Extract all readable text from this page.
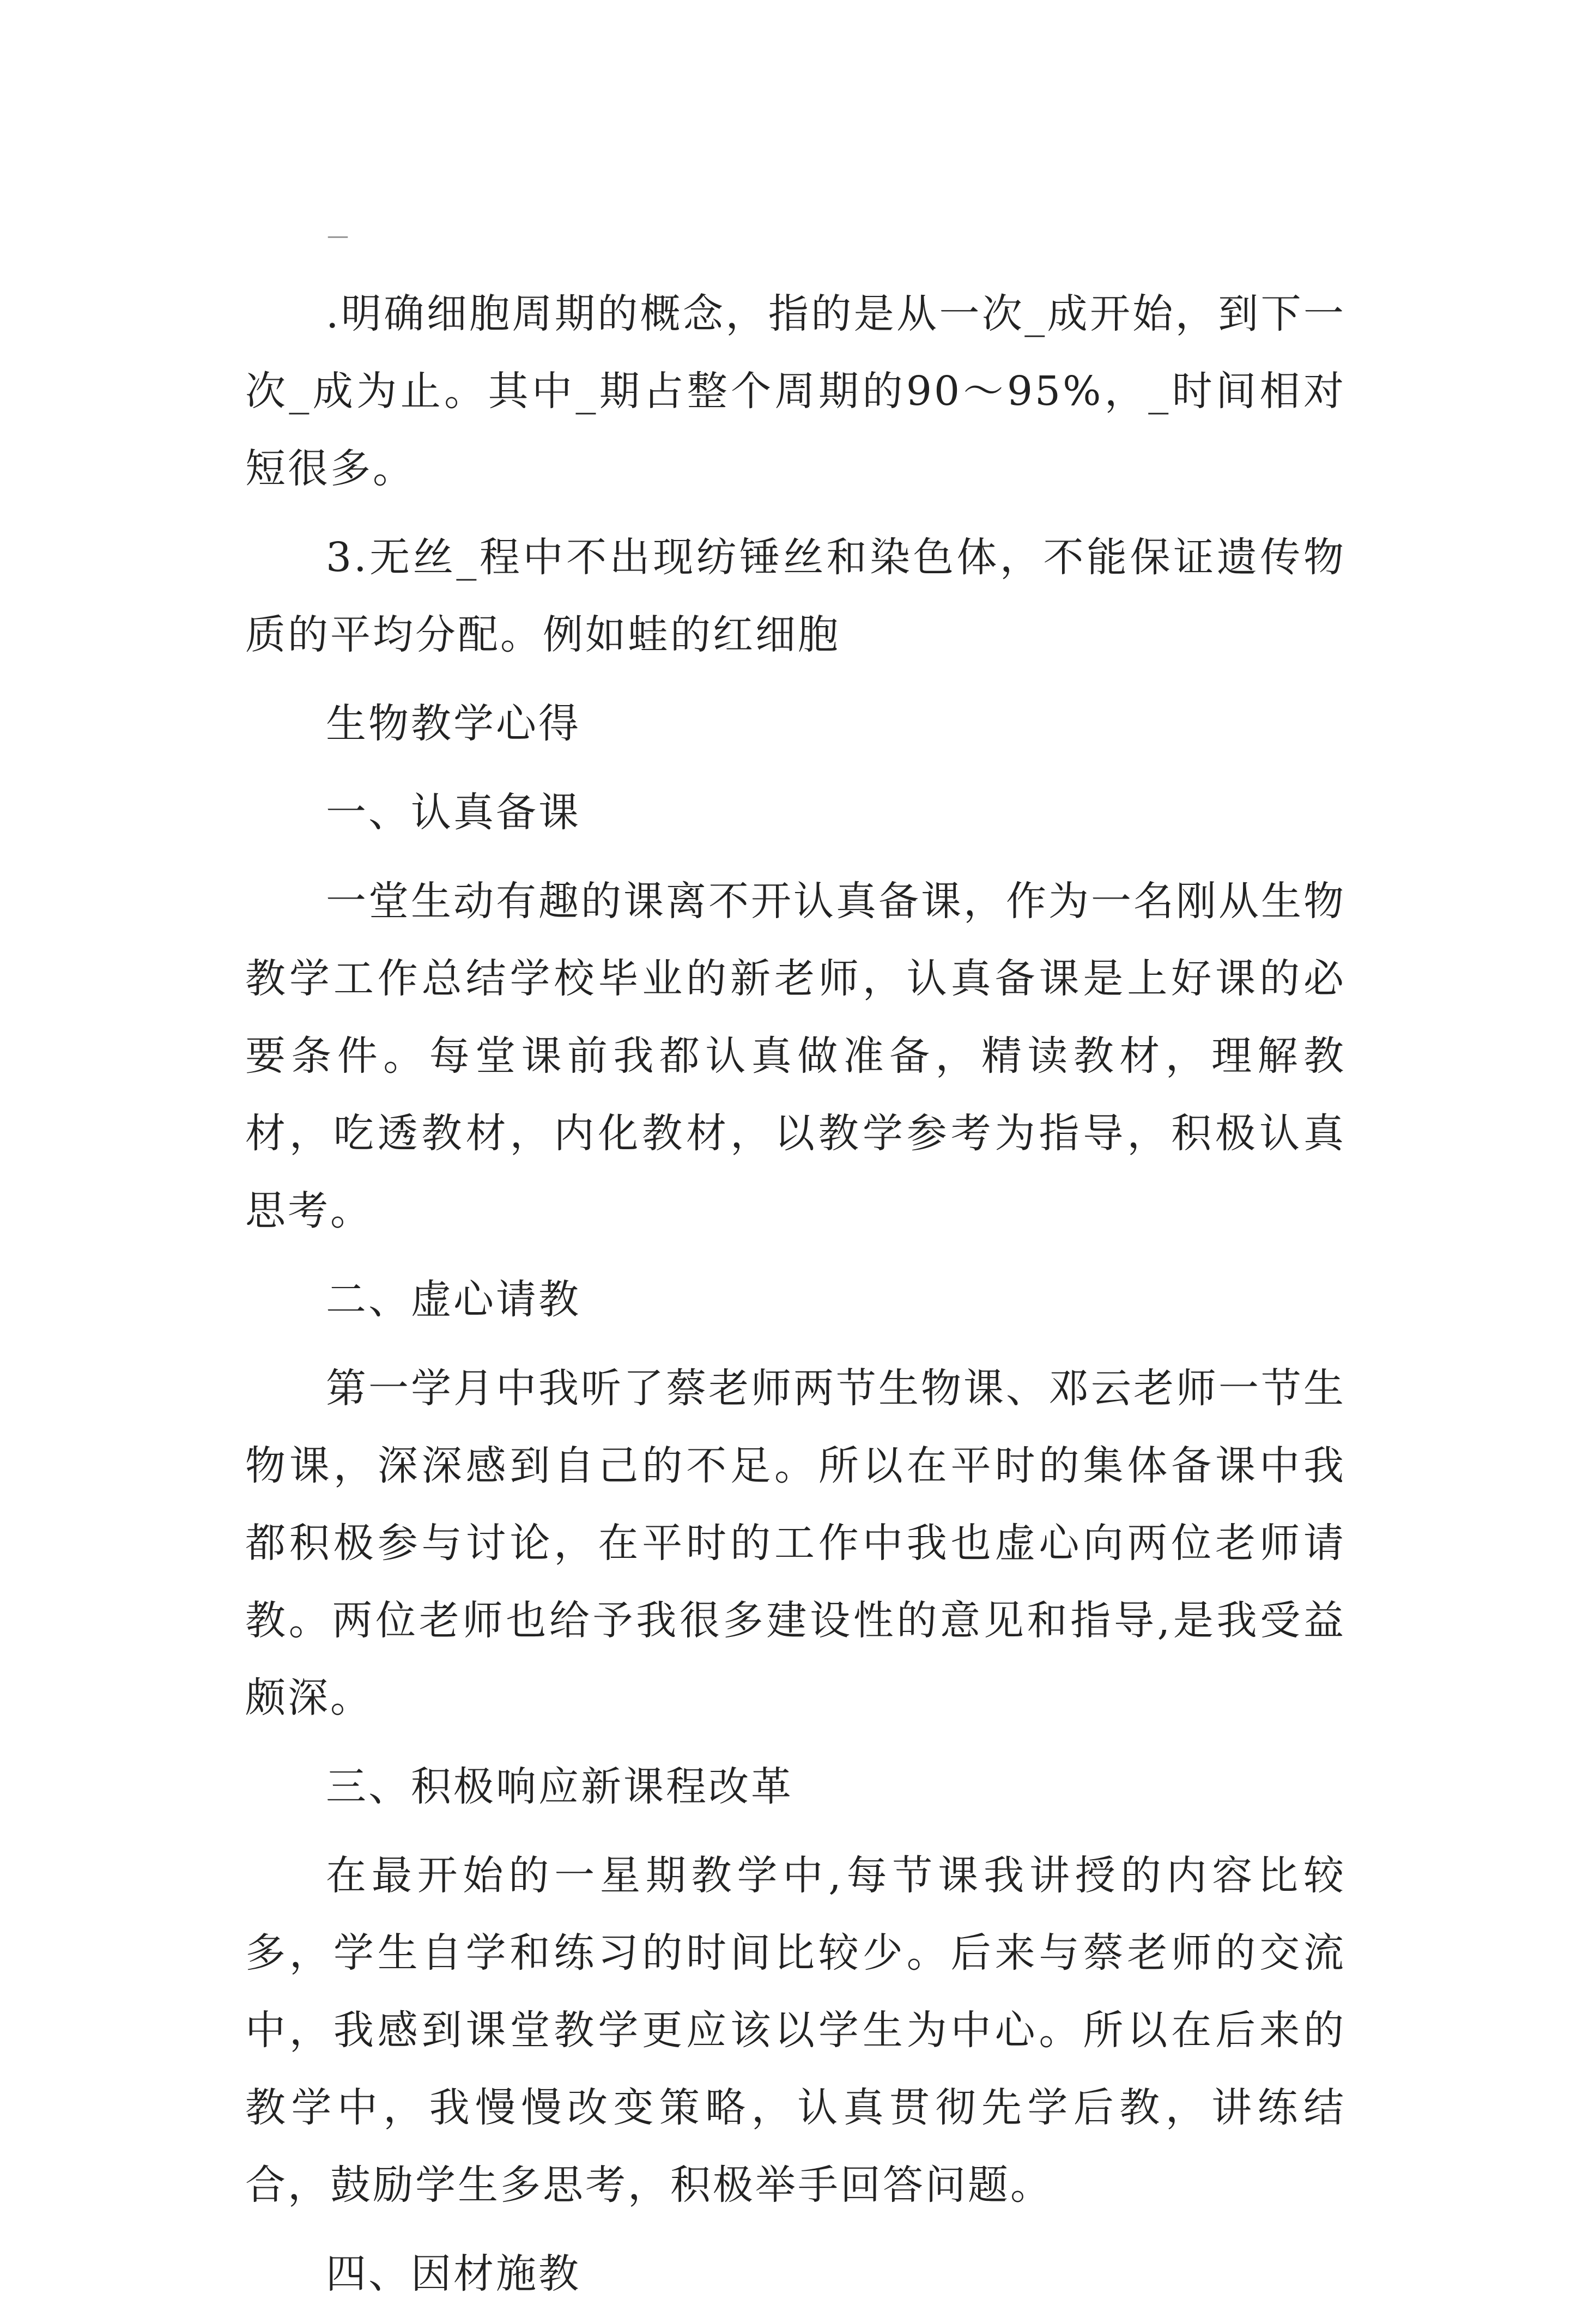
—

.明确细胞周期的概念，指的是从一次_成开始，到下一次_成为止。其中_期占整个周期的90～95%，_时间相对短很多。

3.无丝_程中不出现纺锤丝和染色体，不能保证遗传物质的平均分配。例如蛙的红细胞

生物教学心得

一、认真备课

一堂生动有趣的课离不开认真备课，作为一名刚从生物教学工作总结学校毕业的新老师，认真备课是上好课的必要条件。每堂课前我都认真做准备，精读教材，理解教材，吃透教材，内化教材，以教学参考为指导，积极认真思考。

二、虚心请教

第一学月中我听了蔡老师两节生物课、邓云老师一节生物课，深深感到自己的不足。所以在平时的集体备课中我都积极参与讨论，在平时的工作中我也虚心向两位老师请教。两位老师也给予我很多建设性的意见和指导,是我受益颇深。

三、积极响应新课程改革

在最开始的一星期教学中,每节课我讲授的内容比较多，学生自学和练习的时间比较少。后来与蔡老师的交流中，我感到课堂教学更应该以学生为中心。所以在后来的教学中，我慢慢改变策略，认真贯彻先学后教，讲练结合，鼓励学生多思考，积极举手回答问题。

四、因材施教
